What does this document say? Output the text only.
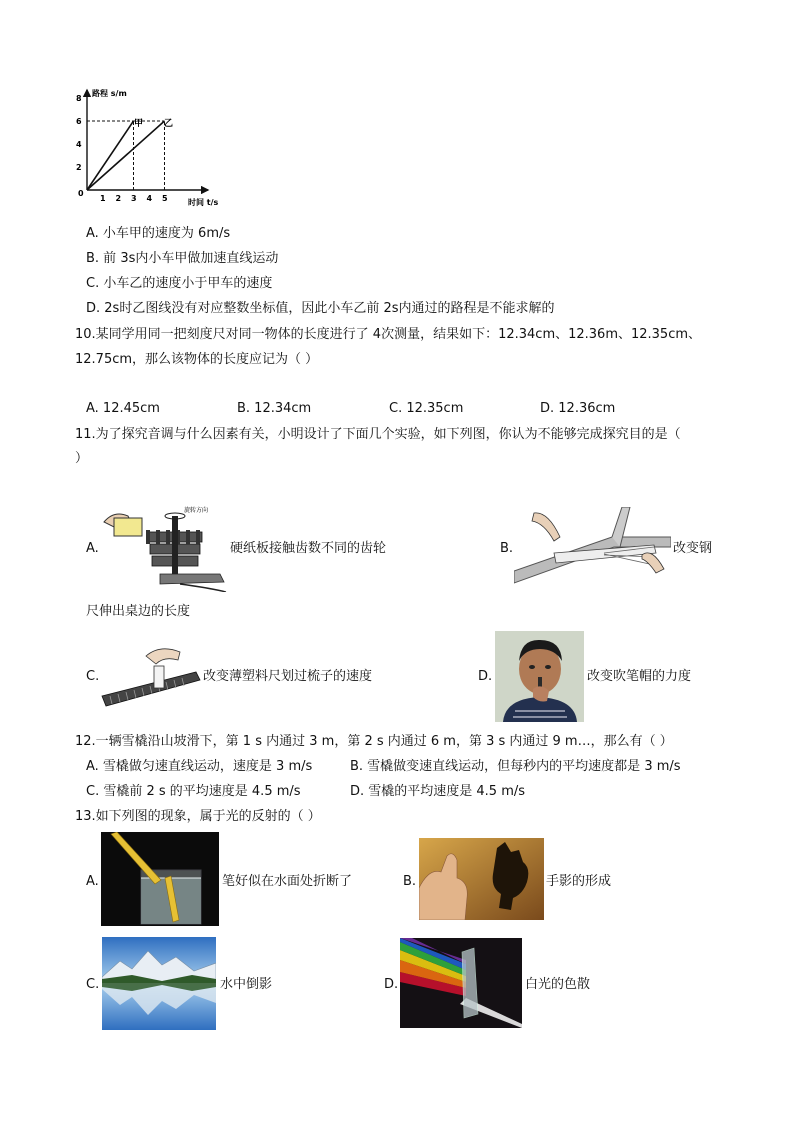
路程 s/m
时间 t/s
0
2
4
6
8
1 2 3 4 5
甲 乙
A. 小车甲的速度为 6m/s
B. 前 3s内小车甲做加速直线运动
C. 小车乙的速度小于甲车的速度
D. 2s时乙图线没有对应整数坐标值，因此小车乙前 2s内通过的路程是不能求解的
10.某同学用同一把刻度尺对同一物体的长度进行了 4次测量，结果如下：12.34cm、12.36m、12.35cm、
12.75cm，那么该物体的长度应记为（ ）
A. 12.45cm	B. 12.34cm	C. 12.35cm	D. 12.36cm
11.为了探究音调与什么因素有关，小明设计了下面几个实验，如下列图，你认为不能够完成探究目的是（
）
A.
旋转方向
硬纸板接触齿数不同的齿轮	B.	改变钢
尺伸出桌边的长度
C.	改变薄塑料尺划过梳子的速度	D.	改变吹笔帽的力度
12.一辆雪橇沿山坡滑下，第 1 s 内通过 3 m，第 2 s 内通过 6 m，第 3 s 内通过 9 m…，那么有（ ）
A. 雪橇做匀速直线运动，速度是 3 m/s	B. 雪橇做变速直线运动，但每秒内的平均速度都是 3 m/s
C. 雪橇前 2 s 的平均速度是 4.5 m/s	D. 雪橇的平均速度是 4.5 m/s
13.如下列图的现象，属于光的反射的（ ）
A.	笔好似在水面处折断了	B.	手影的形成
C.	水中倒影	D.	白光的色散
